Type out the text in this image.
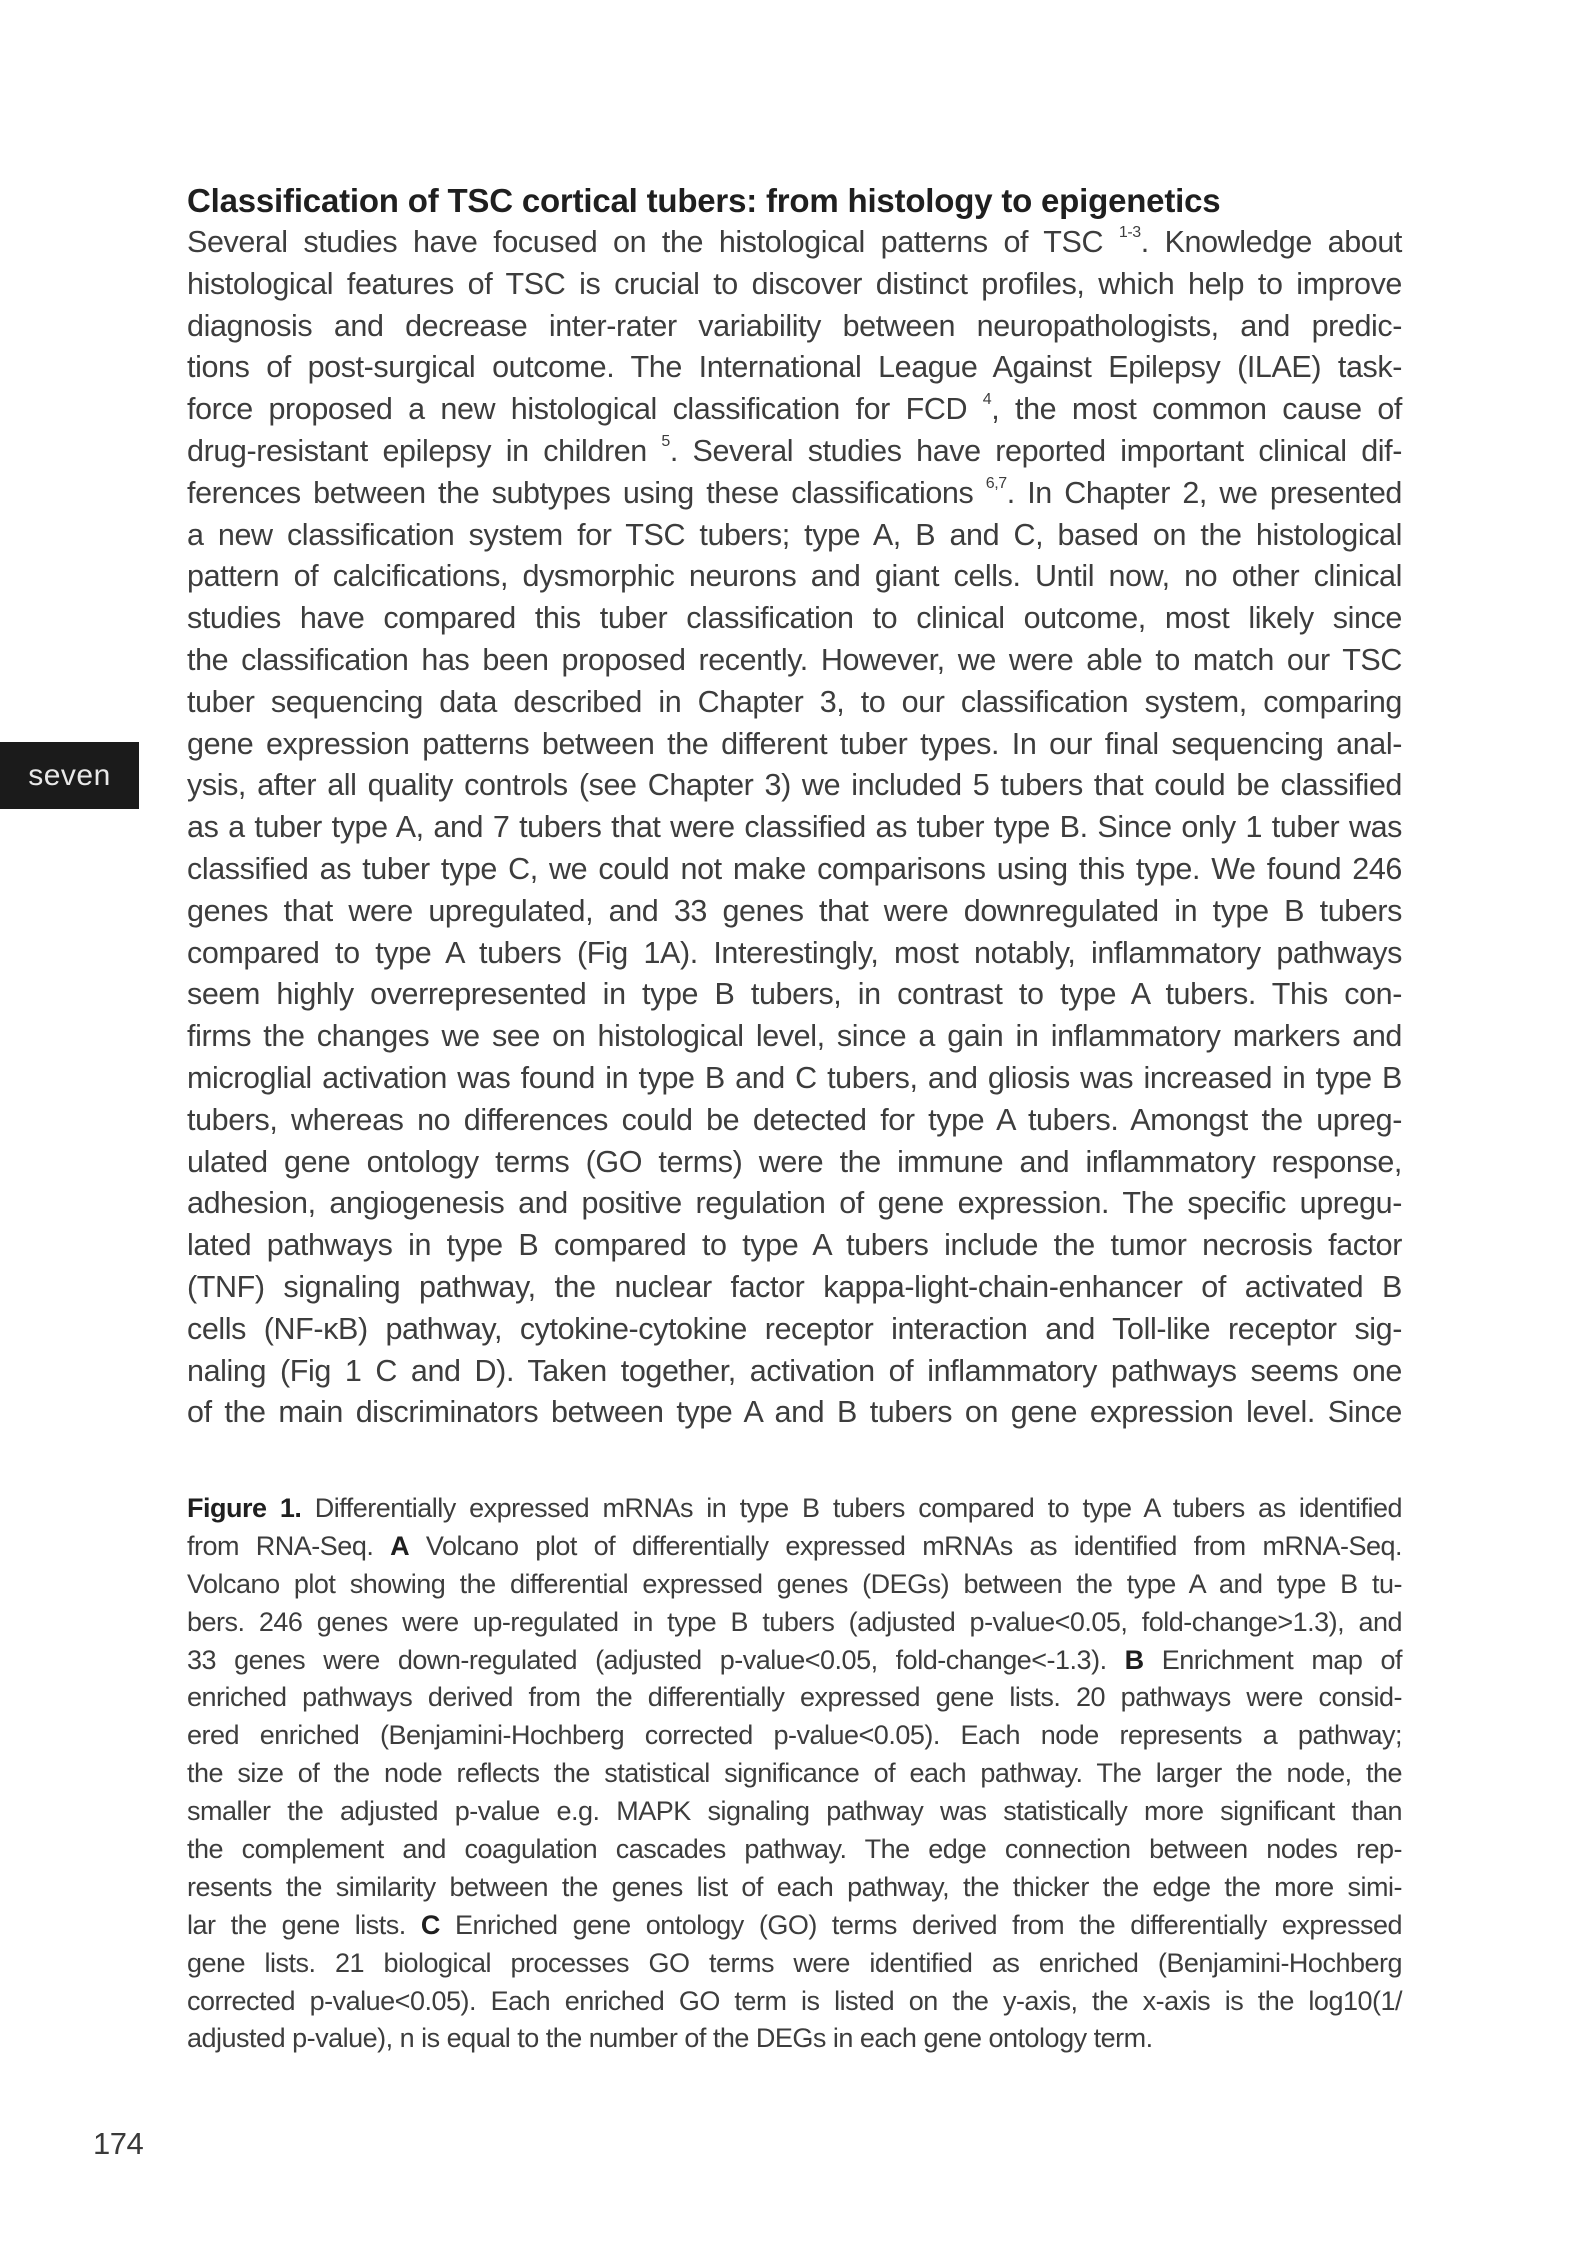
Classification of TSC cortical tubers: from histology to epigenetics
Several studies have focused on the histological patterns of TSC $^{1-3}$. Knowledge about
histological features of TSC is crucial to discover distinct profiles, which help to improve
diagnosis and decrease inter-rater variability between neuropathologists, and predic-
tions of post-surgical outcome. The International League Against Epilepsy (ILAE) task-
force proposed a new histological classification for FCD $^4$, the most common cause of
drug-resistant epilepsy in children $^5$. Several studies have reported important clinical dif-
ferences between the subtypes using these classifications $^{6,7}$. In Chapter 2, we presented
a new classification system for TSC tubers; type A, B and C, based on the histological
pattern of calcifications, dysmorphic neurons and giant cells. Until now, no other clinical
studies have compared this tuber classification to clinical outcome, most likely since
the classification has been proposed recently. However, we were able to match our TSC
tuber sequencing data described in Chapter 3, to our classification system, comparing
gene expression patterns between the different tuber types. In our final sequencing anal-
ysis, after all quality controls (see Chapter 3) we included 5 tubers that could be classified
as a tuber type A, and 7 tubers that were classified as tuber type B. Since only 1 tuber was
classified as tuber type C, we could not make comparisons using this type. We found 246
genes that were upregulated, and 33 genes that were downregulated in type B tubers
compared to type A tubers (Fig 1A). Interestingly, most notably, inflammatory pathways
seem highly overrepresented in type B tubers, in contrast to type A tubers. This con-
firms the changes we see on histological level, since a gain in inflammatory markers and
microglial activation was found in type B and C tubers, and gliosis was increased in type B
tubers, whereas no differences could be detected for type A tubers. Amongst the upreg-
ulated gene ontology terms (GO terms) were the immune and inflammatory response,
adhesion, angiogenesis and positive regulation of gene expression. The specific upregu-
lated pathways in type B compared to type A tubers include the tumor necrosis factor
(TNF) signaling pathway, the nuclear factor kappa-light-chain-enhancer of activated B
cells (NF-κB) pathway, cytokine-cytokine receptor interaction and Toll-like receptor sig-
naling (Fig 1 C and D). Taken together, activation of inflammatory pathways seems one
of the main discriminators between type A and B tubers on gene expression level. Since
seven
Figure 1. Differentially expressed mRNAs in type B tubers compared to type A tubers as identified
from RNA-Seq. A Volcano plot of differentially expressed mRNAs as identified from mRNA-Seq.
Volcano plot showing the differential expressed genes (DEGs) between the type A and type B tu-
bers. 246 genes were up-regulated in type B tubers (adjusted p-value<0.05, fold-change>1.3), and
33 genes were down-regulated (adjusted p-value<0.05, fold-change<-1.3). B Enrichment map of
enriched pathways derived from the differentially expressed gene lists. 20 pathways were consid-
ered enriched (Benjamini-Hochberg corrected p-value<0.05). Each node represents a pathway;
the size of the node reflects the statistical significance of each pathway. The larger the node, the
smaller the adjusted p-value e.g. MAPK signaling pathway was statistically more significant than
the complement and coagulation cascades pathway. The edge connection between nodes rep-
resents the similarity between the genes list of each pathway, the thicker the edge the more simi-
lar the gene lists. C Enriched gene ontology (GO) terms derived from the differentially expressed
gene lists. 21 biological processes GO terms were identified as enriched (Benjamini-Hochberg
corrected p-value<0.05). Each enriched GO term is listed on the y-axis, the x-axis is the log10(1/
adjusted p-value), n is equal to the number of the DEGs in each gene ontology term.
174
